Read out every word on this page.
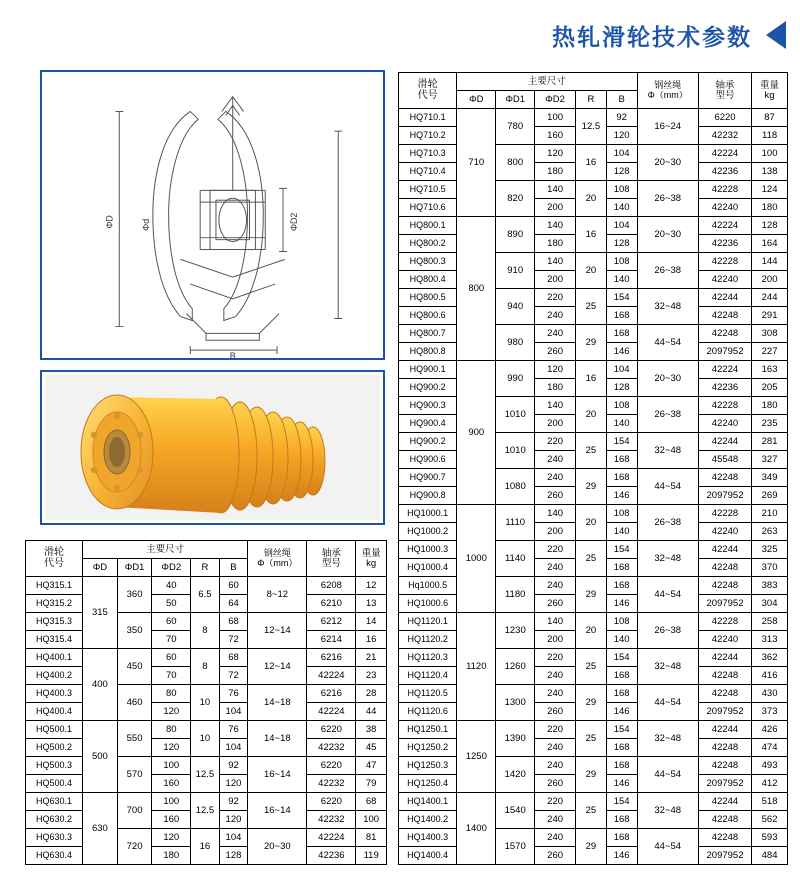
热轧滑轮技术参数
ΦD	Φd	ΦD2
B
滑轮
代号
	主要尺寸	钢丝绳
Φ（mm）

轴承
型号

重量
kg

	ΦD	ΦD1	ΦD2	R	B			
HQ710.1	710	780	100	12.5	92	16~24	6220	87
HQ710.2			160		120		42232	118
HQ710.3		800	120	16	104	20~30	42224	100
HQ710.4			180		128		42236	138
HQ710.5		820	140	20	108	26~38	42228	124
HQ710.6			200		140		42240	180
HQ800.1	800	890	140	16	104	20~30	42224	128
HQ800.2			180		128		42236	164
HQ800.3		910	140	20	108	26~38	42228	144
HQ800.4			200		140		42240	200
HQ800.5		940	220	25	154	32~48	42244	244
HQ800.6			240		168		42248	291
HQ800.7		980	240	29	168	44~54	42248	308
HQ800.8			260		146		2097952	227
HQ900.1	900	990	120	16	104	20~30	42224	163
HQ900.2			180		128		42236	205
HQ900.3		1010	140	20	108	26~38	42228	180
HQ900.4			200		140		42240	235
HQ900.2		1010	220	25	154	32~48	42244	281
HQ900.6			240		168		45548	327
HQ900.7		1080	240	29	168	44~54	42248	349
HQ900.8			260		146		2097952	269
HQ1000.1	1000	1110	140	20	108	26~38	42228	210
HQ1000.2			200		140		42240	263
HQ1000.3		1140	220	25	154	32~48	42244	325
HQ1000.4			240		168		42248	370
Hq1000.5		1180	240	29	168	44~54	42248	383
HQ1000.6			260		146		2097952	304
HQ1120.1	1120	1230	140	20	108	26~38	42228	258
HQ1120.2			200		140		42240	313
HQ1120.3		1260	220	25	154	32~48	42244	362
HQ1120.4			240		168		42248	416
HQ1120.5		1300	240	29	168	44~54	42248	430
HQ1120.6			260		146		2097952	373
HQ1250.1	1250	1390	220	25	154	32~48	42244	426
HQ1250.2			240		168		42248	474
HQ1250.3		1420	240	29	168	44~54	42248	493
HQ1250.4			260		146		2097952	412
HQ1400.1	1400	1540	220	25	154	32~48	42244	518
HQ1400.2			240		168		42248	562
HQ1400.3		1570	240	29	168	44~54	42248	593
HQ1400.4			260		146		2097952	484
滑轮
代号
	主要尺寸	钢丝绳
Φ（mm）

轴承
型号

重量
kg

	ΦD	ΦD1	ΦD2	R	B			
HQ315.1	315	360	40	6.5	60	8~12	6208	12
HQ315.2			50		64		6210	13
HQ315.3		350	60	8	68	12~14	6212	14
HQ315.4			70		72		6214	16
HQ400.1	400	450	60	8	68	12~14	6216	21
HQ400.2			70		72		42224	23
HQ400.3		460	80	10	76	14~18	6216	28
HQ400.4			120		104		42224	44
HQ500.1	500	550	80	10	76	14~18	6220	38
HQ500.2			120		104		42232	45
HQ500.3		570	100	12.5	92	16~14	6220	47
HQ500.4			160		120		42232	79
HQ630.1	630	700	100	12.5	92	16~14	6220	68
HQ630.2			160		120		42232	100
HQ630.3		720	120	16	104	20~30	42224	81
HQ630.4			180		128		42236	119
